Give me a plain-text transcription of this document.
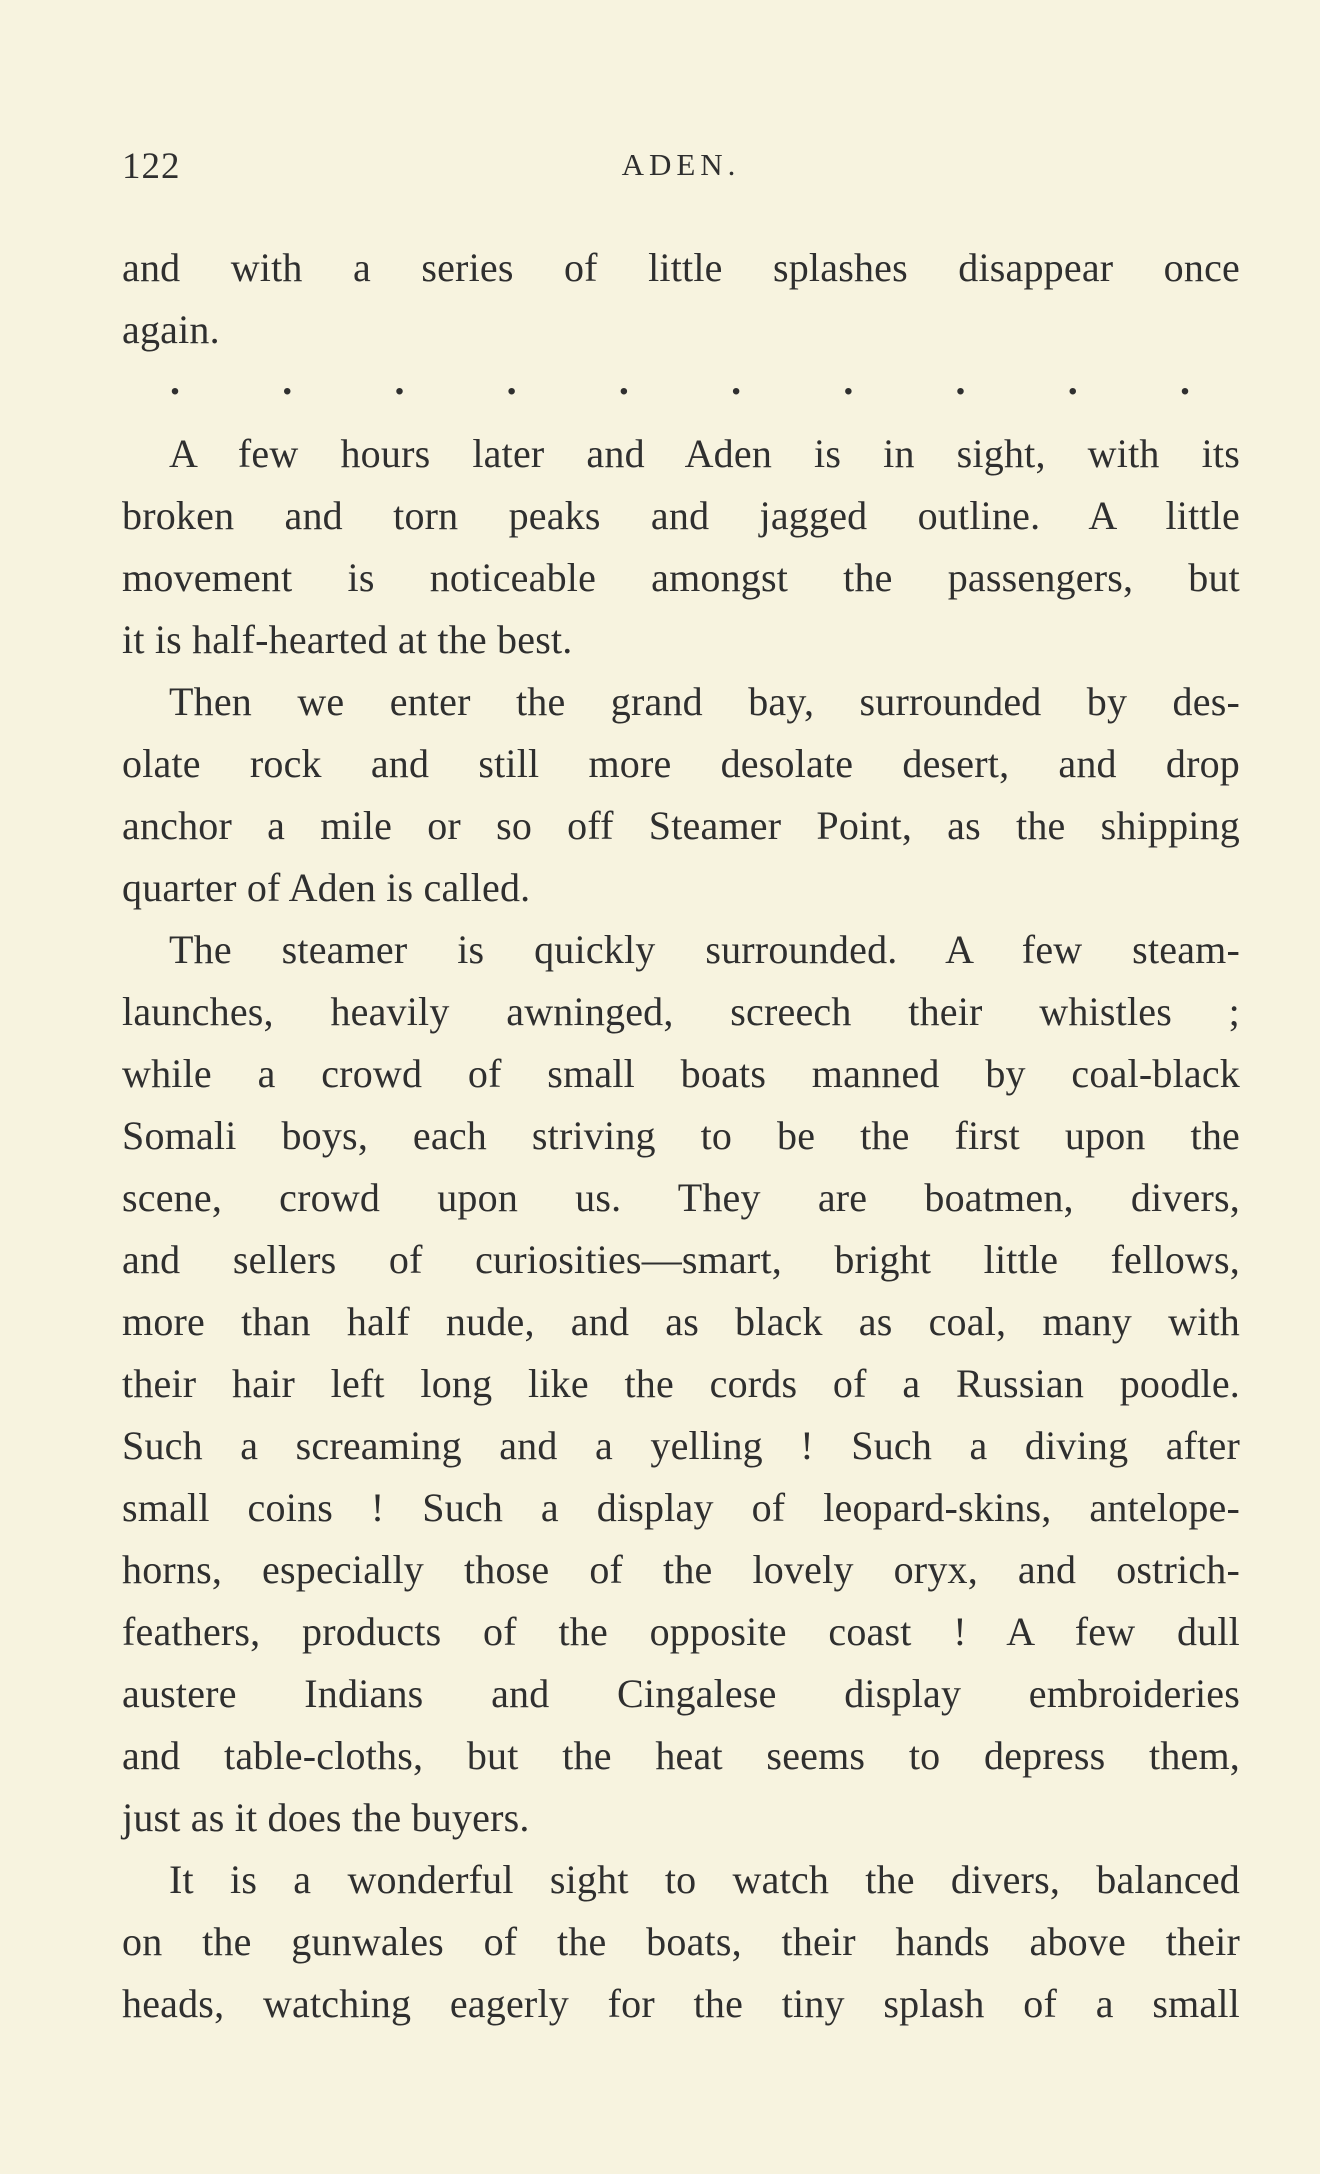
122	ADEN.
and with a series of little splashes disappear once
again.
.	.	.	.	.	.	.	.	.	.
A few hours later and Aden is in sight, with its
broken and torn peaks and jagged outline. A little
movement is noticeable amongst the passengers, but
it is half-hearted at the best.
Then we enter the grand bay, surrounded by des-
olate rock and still more desolate desert, and drop
anchor a mile or so off Steamer Point, as the shipping
quarter of Aden is called.
The steamer is quickly surrounded. A few steam-
launches, heavily awninged, screech their whistles ;
while a crowd of small boats manned by coal-black
Somali boys, each striving to be the first upon the
scene, crowd upon us. They are boatmen, divers,
and sellers of curiosities—smart, bright little fellows,
more than half nude, and as black as coal, many with
their hair left long like the cords of a Russian poodle.
Such a screaming and a yelling ! Such a diving after
small coins ! Such a display of leopard-skins, antelope-
horns, especially those of the lovely oryx, and ostrich-
feathers, products of the opposite coast ! A few dull
austere Indians and Cingalese display embroideries
and table-cloths, but the heat seems to depress them,
just as it does the buyers.
It is a wonderful sight to watch the divers, balanced
on the gunwales of the boats, their hands above their
heads, watching eagerly for the tiny splash of a small
